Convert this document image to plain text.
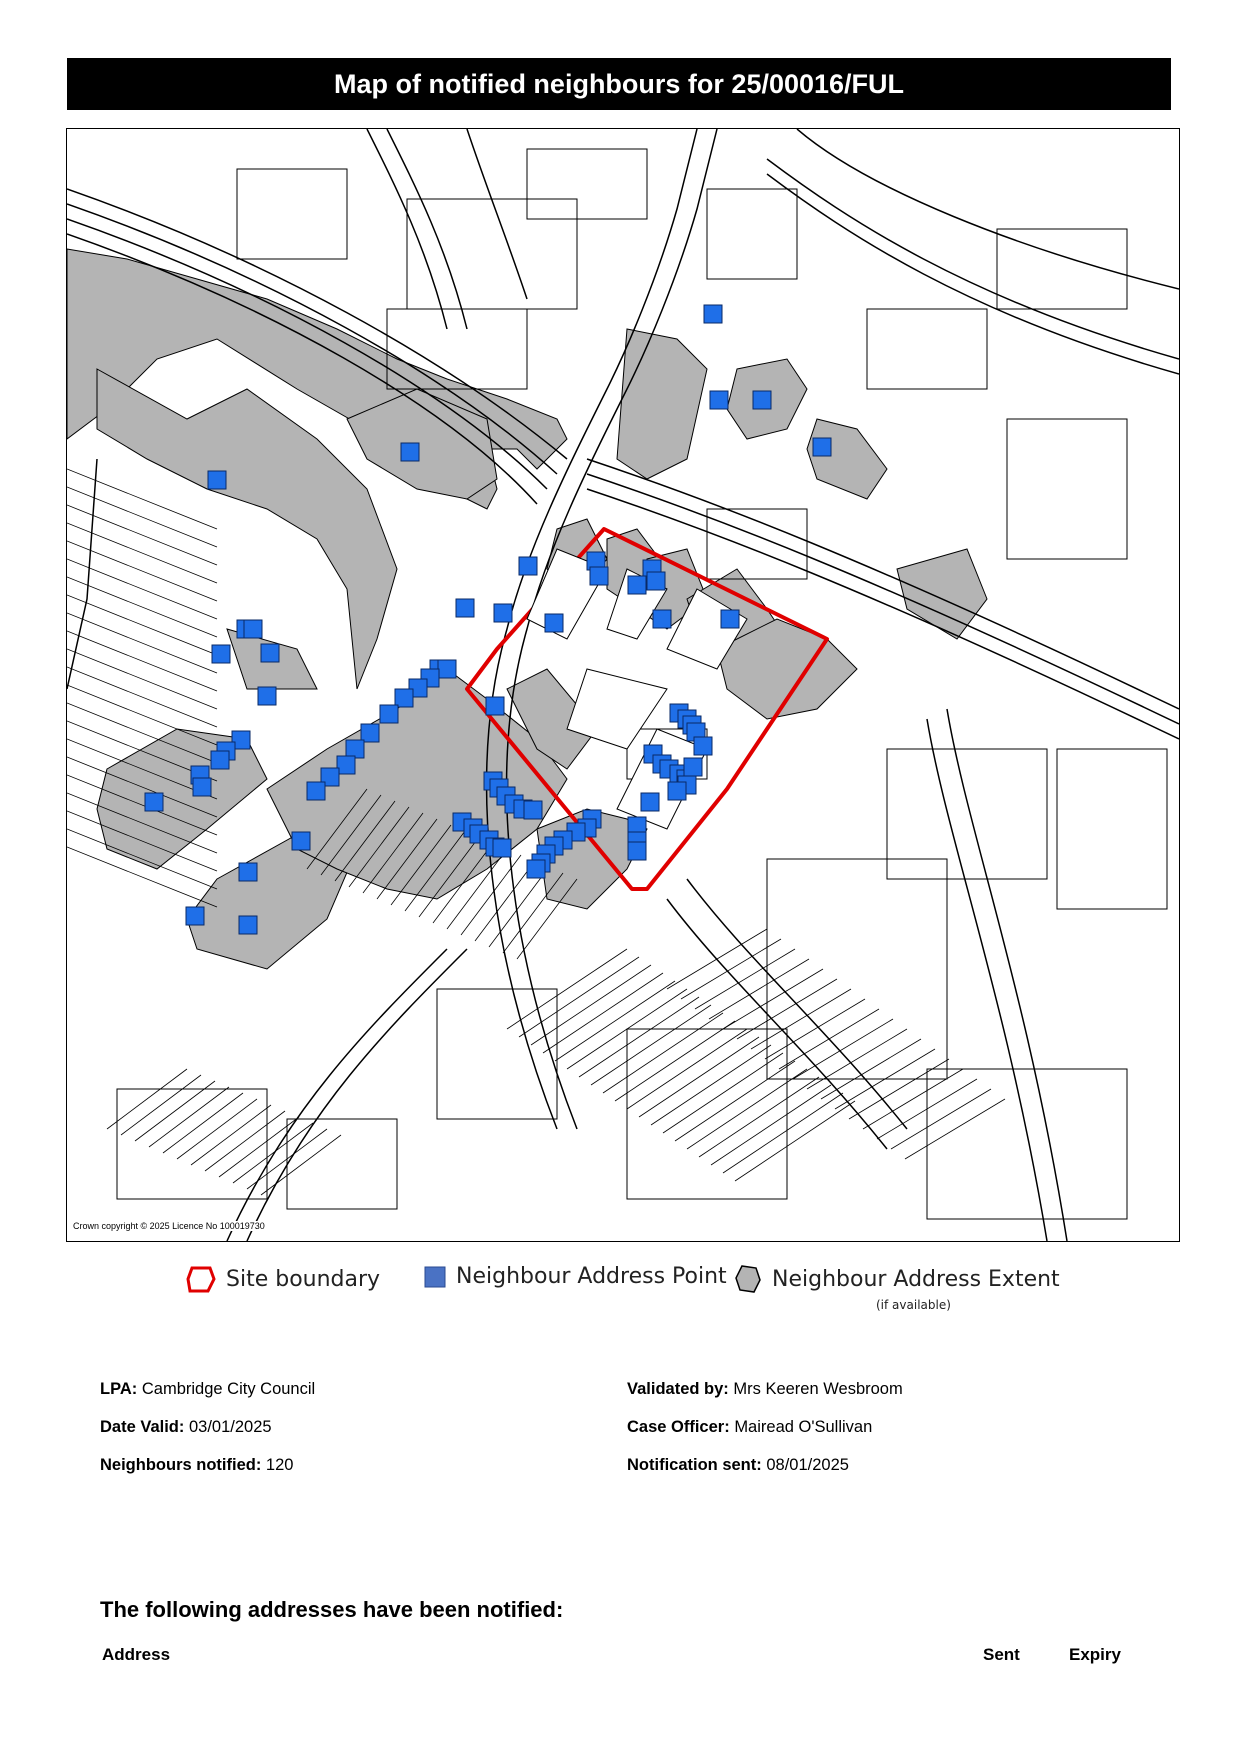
Map of notified neighbours for 25/00016/FUL
Crown copyright © 2025 Licence No 100019730
Site boundary	Neighbour Address Point Neighbour Address Extent
(if available)
LPA: Cambridge City Council
Date Valid: 03/01/2025
Neighbours notified: 120
Validated by: Mrs Keeren Wesbroom
Case Officer: Mairead O'Sullivan
Notification sent: 08/01/2025
The following addresses have been notified:
Address	Sent	Expiry
